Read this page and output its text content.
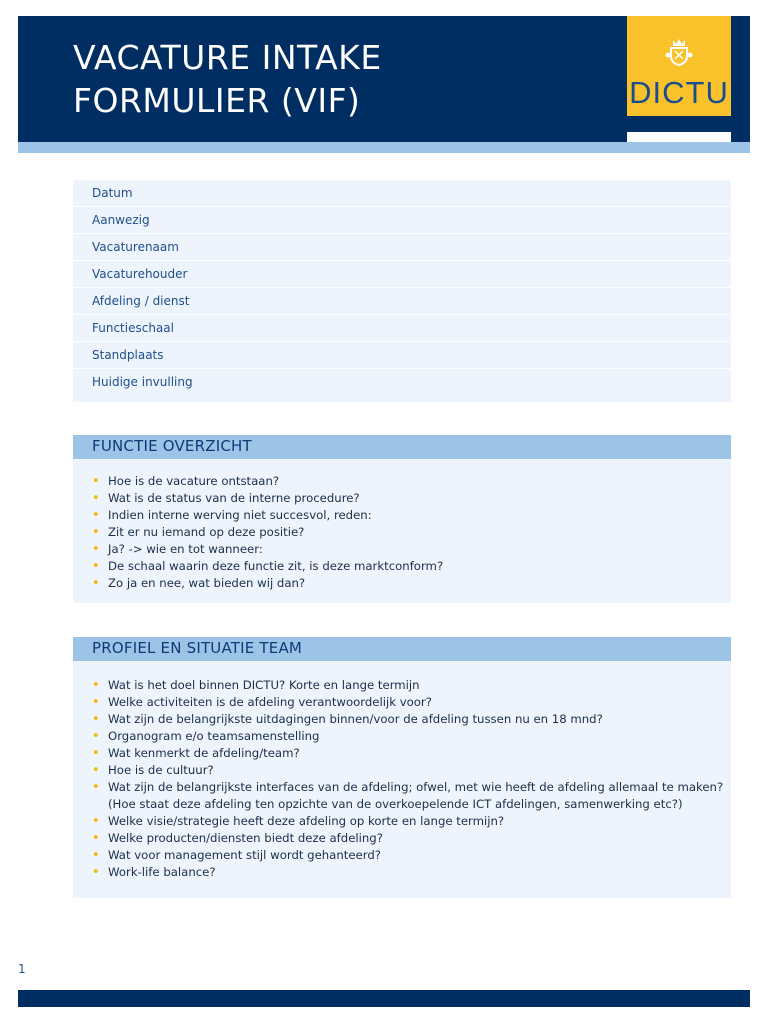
VACATURE INTAKE
FORMULIER (VIF)	DICTU
Datum
Aanwezig
Vacaturenaam
Vacaturehouder
Afdeling / dienst
Functieschaal
Standplaats
Huidige invulling
FUNCTIE OVERZICHT
• Hoe is de vacature ontstaan?
• Wat is de status van de interne procedure?
• Indien interne werving niet succesvol, reden:
• Zit er nu iemand op deze positie?
• Ja? -> wie en tot wanneer:
• De schaal waarin deze functie zit, is deze marktconform?
• Zo ja en nee, wat bieden wij dan?
PROFIEL EN SITUATIE TEAM
• Wat is het doel binnen DICTU? Korte en lange termijn
• Welke activiteiten is de afdeling verantwoordelijk voor?
• Wat zijn de belangrijkste uitdagingen binnen/voor de afdeling tussen nu en 18 mnd?
• Organogram e/o teamsamenstelling
• Wat kenmerkt de afdeling/team?
• Hoe is de cultuur?
• Wat zijn de belangrijkste interfaces van de afdeling; ofwel, met wie heeft de afdeling allemaal te maken?
(Hoe staat deze afdeling ten opzichte van de overkoepelende ICT afdelingen, samenwerking etc?)
• Welke visie/strategie heeft deze afdeling op korte en lange termijn?
• Welke producten/diensten biedt deze afdeling?
• Wat voor management stijl wordt gehanteerd?
• Work-life balance?
1
